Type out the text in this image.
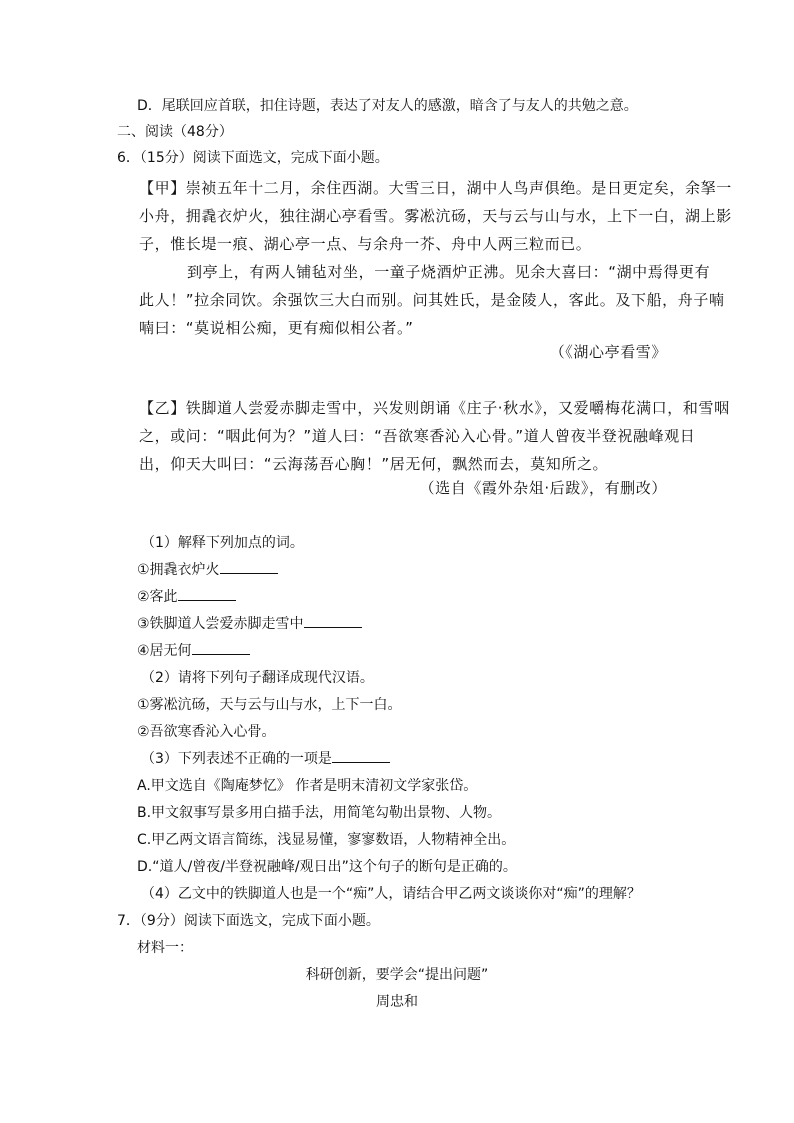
D．尾联回应首联，扣住诗题，表达了对友人的感激，暗含了与友人的共勉之意。
二、阅读（48分）
6．（15分）阅读下面选文，完成下面小题。
【甲】崇祯五年十二月，余住西湖。大雪三日，湖中人鸟声俱绝。是日更定矣，余拏一
小舟，拥毳衣炉火，独往湖心亭看雪。雾凇沆砀，天与云与山与水，上下一白，湖上影
子，惟长堤一痕、湖心亭一点、与余舟一芥、舟中人两三粒而已。
到亭上，有两人铺毡对坐，一童子烧酒炉正沸。见余大喜曰：“湖中焉得更有
此人！”拉余同饮。余强饮三大白而别。问其姓氏，是金陵人，客此。及下船，舟子喃
喃曰：“莫说相公痴，更有痴似相公者。”
（《湖心亭看雪》
【乙】铁脚道人尝爱赤脚走雪中，兴发则朗诵《庄子·秋水》，又爱嚼梅花满口，和雪咽
之，或问：“咽此何为？”道人曰：“吾欲寒香沁入心骨。”道人曾夜半登祝融峰观日
出，仰天大叫曰：“云海荡吾心胸！”居无何，飘然而去，莫知所之。
（选自《霞外杂俎·后跋》，有删改）
（1）解释下列加点的词。
①拥毳衣炉火
②客此
③铁脚道人尝爱赤脚走雪中
④居无何
（2）请将下列句子翻译成现代汉语。
①雾凇沆砀，天与云与山与水，上下一白。
②吾欲寒香沁入心骨。
（3）下列表述不正确的一项是
A.甲文选自《陶庵梦忆》 作者是明末清初文学家张岱。
B.甲文叙事写景多用白描手法，用简笔勾勒出景物、人物。
C.甲乙两文语言简练，浅显易懂，寥寥数语，人物精神全出。
D.“道人/曾夜/半登祝融峰/观日出”这个句子的断句是正确的。
（4）乙文中的铁脚道人也是一个“痴”人，请结合甲乙两文谈谈你对“痴”的理解？
7．（9分）阅读下面选文，完成下面小题。
材料一：
科研创新，要学会“提出问题”
周忠和
